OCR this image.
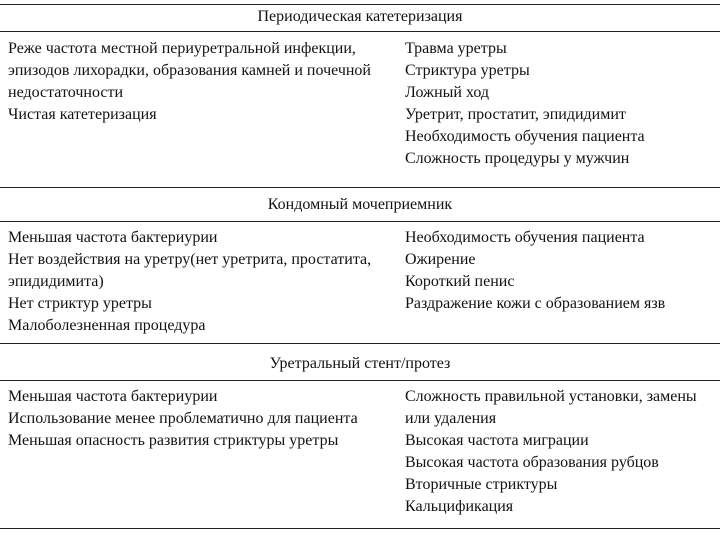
Периодическая катетеризация
Реже частота местной периуретральной инфекции,
эпизодов лихорадки, образования камней и почечной
недостаточности
Чистая катетеризация
Травма уретры
Стриктура уретры
Ложный ход
Уретрит, простатит, эпидидимит
Необходимость обучения пациента
Сложность процедуры у мужчин
Кондомный мочеприемник
Меньшая частота бактериурии
Нет воздействия на уретру(нет уретрита, простатита,
эпидидимита)
Нет стриктур уретры
Малоболезненная процедура
Необходимость обучения пациента
Ожирение
Короткий пенис
Раздражение кожи с образованием язв
Уретральный стент/протез
Меньшая частота бактериурии
Использование менее проблематично для пациента
Меньшая опасность развития стриктуры уретры
Сложность правильной установки, замены
или удаления
Высокая частота миграции
Высокая частота образования рубцов
Вторичные стриктуры
Кальцификация
